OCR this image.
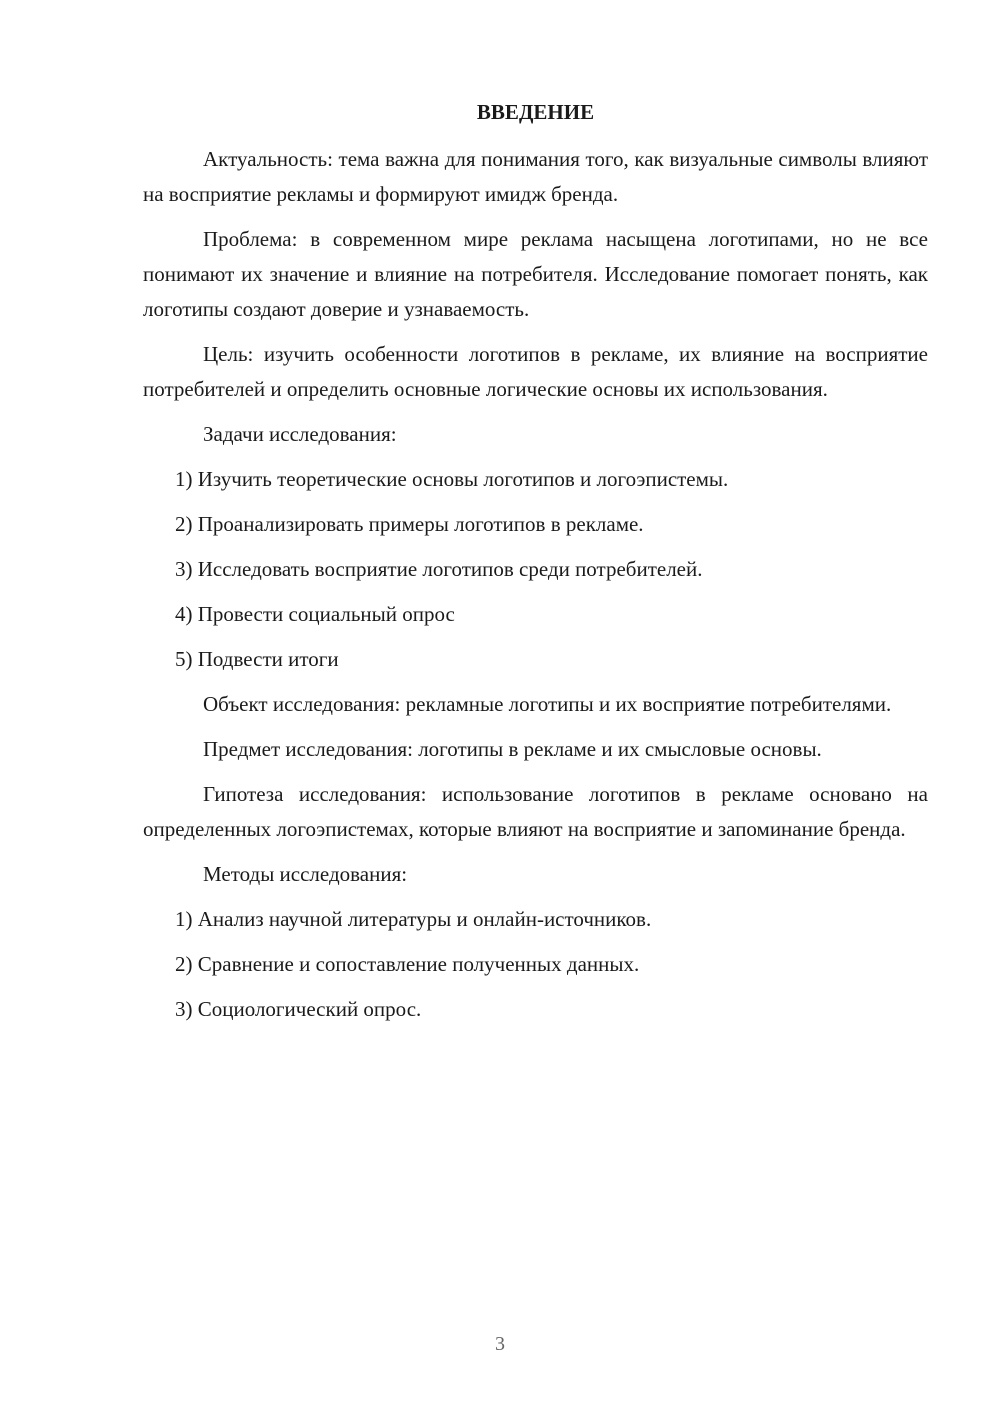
ВВЕДЕНИЕ

Актуальность: тема важна для понимания того, как визуальные символы влияют на восприятие рекламы и формируют имидж бренда.

Проблема: в современном мире реклама насыщена логотипами, но не все понимают их значение и влияние на потребителя. Исследование помогает понять, как логотипы создают доверие и узнаваемость.

Цель: изучить особенности логотипов в рекламе, их влияние на восприятие потребителей и определить основные логические основы их использования.

Задачи исследования:

1) Изучить теоретические основы логотипов и логоэпистемы.
2) Проанализировать примеры логотипов в рекламе.
3) Исследовать восприятие логотипов среди потребителей.
4) Провести социальный опрос
5) Подвести итоги

Объект исследования: рекламные логотипы и их восприятие потребителями.

Предмет исследования: логотипы в рекламе и их смысловые основы.

Гипотеза исследования: использование логотипов в рекламе основано на определенных логоэпистемах, которые влияют на восприятие и запоминание бренда.

Методы исследования:

1) Анализ научной литературы и онлайн-источников.
2) Сравнение и сопоставление полученных данных.
3) Социологический опрос.
3
